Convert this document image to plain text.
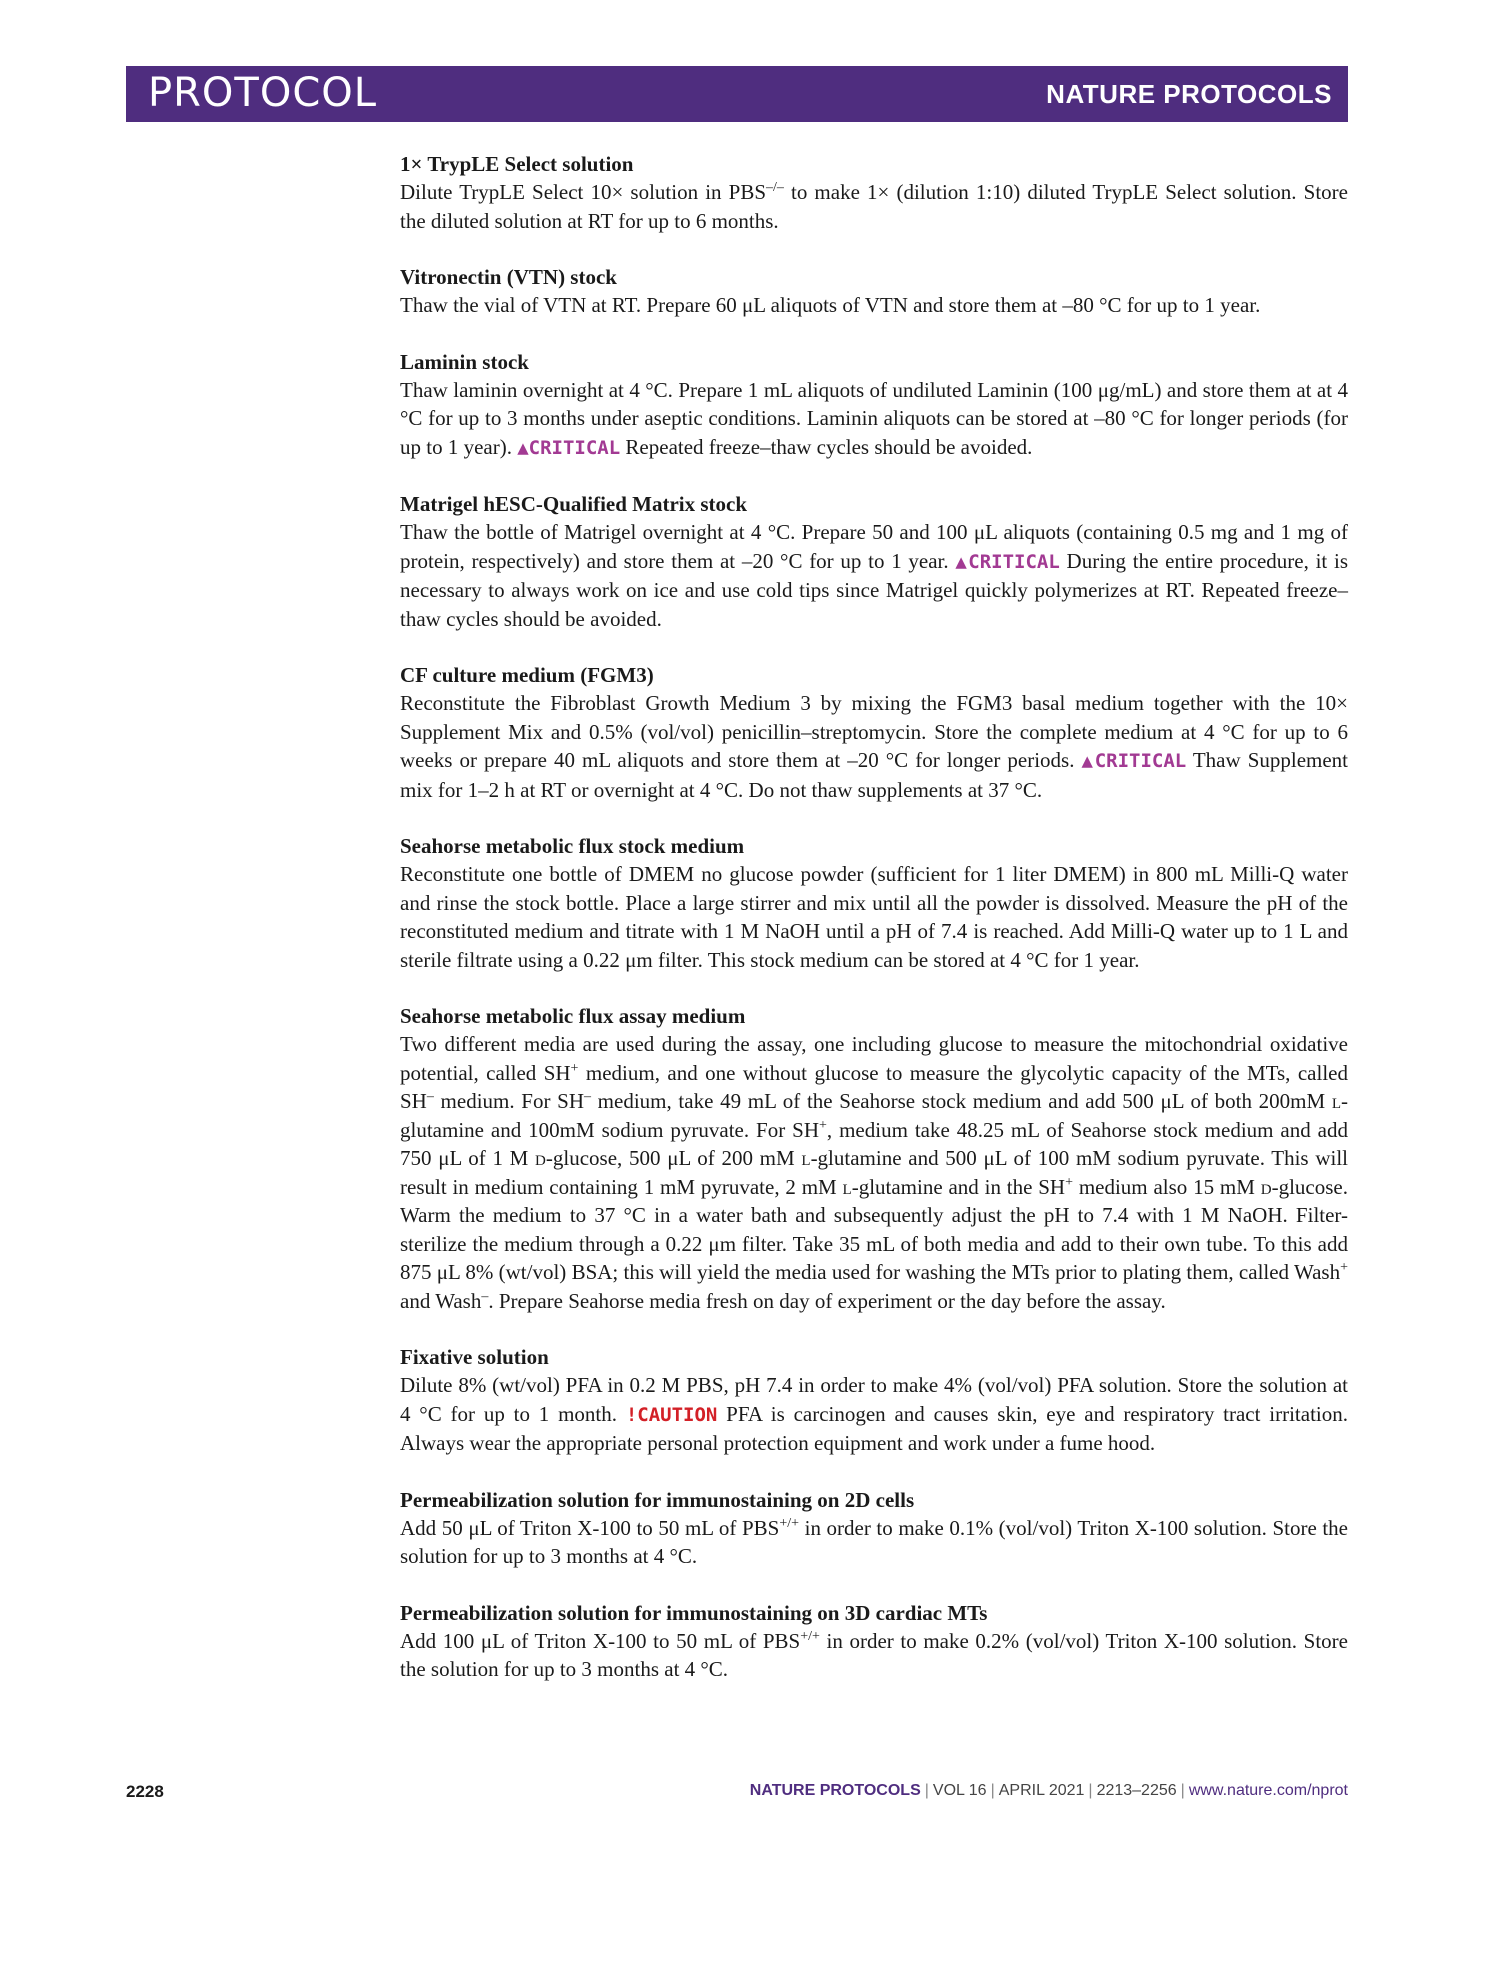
PROTOCOL	NATURE PROTOCOLS
1× TrypLE Select solution

Dilute TrypLE Select 10× solution in PBS–/– to make 1× (dilution 1:10) diluted TrypLE Select solution. Store the diluted solution at RT for up to 6 months.

Vitronectin (VTN) stock

Thaw the vial of VTN at RT. Prepare 60 μL aliquots of VTN and store them at –80 °C for up to 1 year.

Laminin stock

Thaw laminin overnight at 4 °C. Prepare 1 mL aliquots of undiluted Laminin (100 μg/mL) and store them at at 4 °C for up to 3 months under aseptic conditions. Laminin aliquots can be stored at –80 °C for longer periods (for up to 1 year). ▲CRITICAL Repeated freeze–thaw cycles should be avoided.

Matrigel hESC-Qualified Matrix stock

Thaw the bottle of Matrigel overnight at 4 °C. Prepare 50 and 100 μL aliquots (containing 0.5 mg and 1 mg of protein, respectively) and store them at –20 °C for up to 1 year. ▲CRITICAL During the entire procedure, it is necessary to always work on ice and use cold tips since Matrigel quickly polymerizes at RT. Repeated freeze–thaw cycles should be avoided.

CF culture medium (FGM3)

Reconstitute the Fibroblast Growth Medium 3 by mixing the FGM3 basal medium together with the 10× Supplement Mix and 0.5% (vol/vol) penicillin–streptomycin. Store the complete medium at 4 °C for up to 6 weeks or prepare 40 mL aliquots and store them at –20 °C for longer periods. ▲CRITICAL Thaw Supplement mix for 1–2 h at RT or overnight at 4 °C. Do not thaw supplements at 37 °C.

Seahorse metabolic flux stock medium

Reconstitute one bottle of DMEM no glucose powder (sufficient for 1 liter DMEM) in 800 mL Milli-Q water and rinse the stock bottle. Place a large stirrer and mix until all the powder is dissolved. Measure the pH of the reconstituted medium and titrate with 1 M NaOH until a pH of 7.4 is reached. Add Milli-Q water up to 1 L and sterile filtrate using a 0.22 μm filter. This stock medium can be stored at 4 °C for 1 year.

Seahorse metabolic flux assay medium

Two different media are used during the assay, one including glucose to measure the mitochondrial oxidative potential, called SH+ medium, and one without glucose to measure the glycolytic capacity of the MTs, called SH– medium. For SH– medium, take 49 mL of the Seahorse stock medium and add 500 μL of both 200mM l-glutamine and 100mM sodium pyruvate. For SH+, medium take 48.25 mL of Seahorse stock medium and add 750 μL of 1 M d-glucose, 500 μL of 200 mM l-glutamine and 500 μL of 100 mM sodium pyruvate. This will result in medium containing 1 mM pyruvate, 2 mM l-glutamine and in the SH+ medium also 15 mM d-glucose. Warm the medium to 37 °C in a water bath and subsequently adjust the pH to 7.4 with 1 M NaOH. Filter-sterilize the medium through a 0.22 μm filter. Take 35 mL of both media and add to their own tube. To this add 875 μL 8% (wt/vol) BSA; this will yield the media used for washing the MTs prior to plating them, called Wash+ and Wash–. Prepare Seahorse media fresh on day of experiment or the day before the assay.

Fixative solution

Dilute 8% (wt/vol) PFA in 0.2 M PBS, pH 7.4 in order to make 4% (vol/vol) PFA solution. Store the solution at 4 °C for up to 1 month. !CAUTION PFA is carcinogen and causes skin, eye and respiratory tract irritation. Always wear the appropriate personal protection equipment and work under a fume hood.

Permeabilization solution for immunostaining on 2D cells

Add 50 μL of Triton X-100 to 50 mL of PBS+/+ in order to make 0.1% (vol/vol) Triton X-100 solution. Store the solution for up to 3 months at 4 °C.

Permeabilization solution for immunostaining on 3D cardiac MTs

Add 100 μL of Triton X-100 to 50 mL of PBS+/+ in order to make 0.2% (vol/vol) Triton X-100 solution. Store the solution for up to 3 months at 4 °C.

2228	NATURE PROTOCOLS | VOL 16 | APRIL 2021 | 2213–2256 | www.nature.com/nprot
